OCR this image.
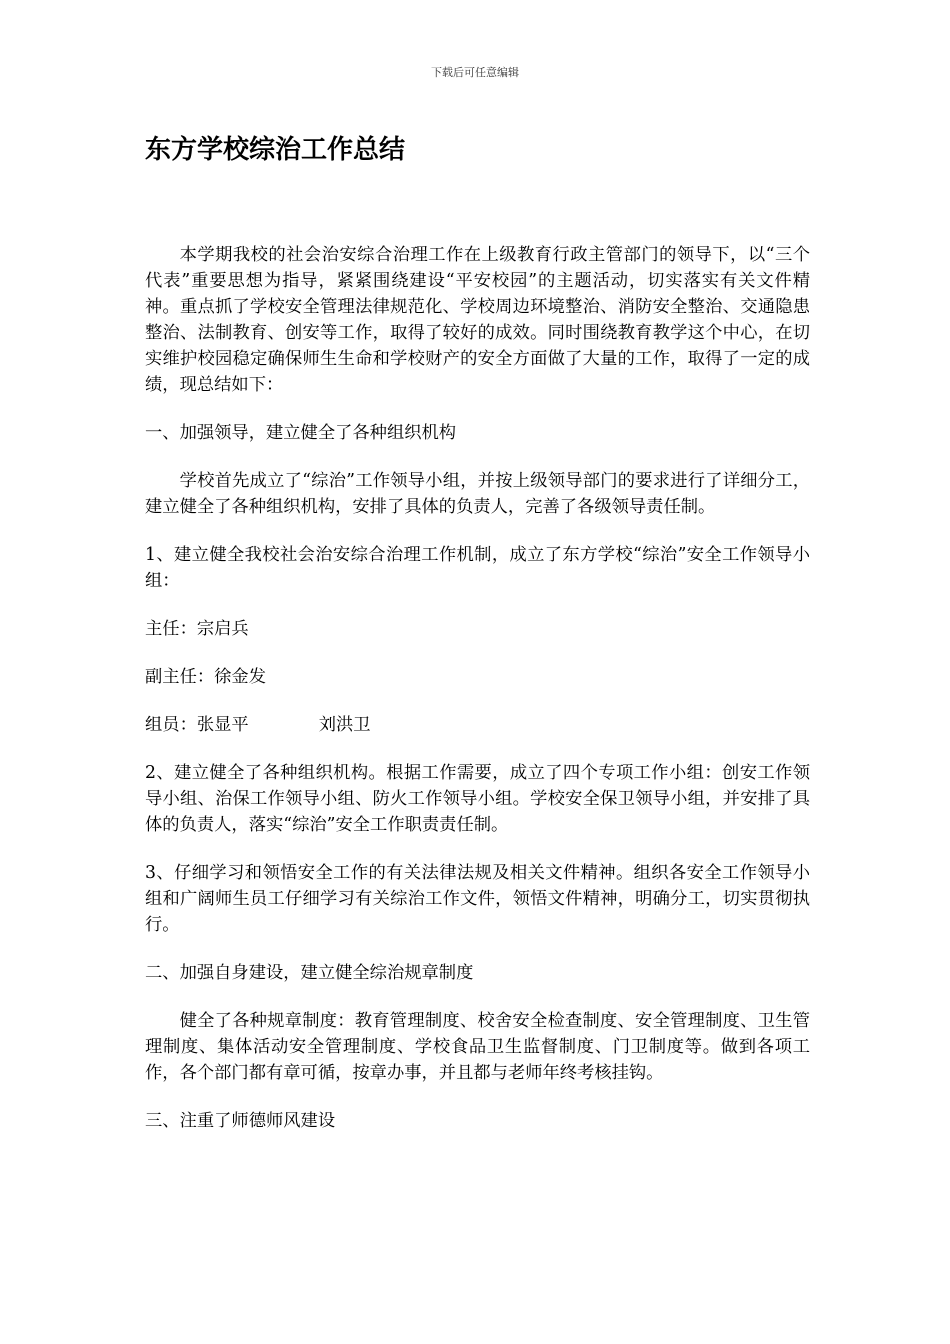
下载后可任意编辑
东方学校综治工作总结

本学期我校的社会治安综合治理工作在上级教育行政主管部门的领导下，以“三个代表”重要思想为指导，紧紧围绕建设“平安校园”的主题活动，切实落实有关文件精神。重点抓了学校安全管理法律规范化、学校周边环境整治、消防安全整治、交通隐患整治、法制教育、创安等工作，取得了较好的成效。同时围绕教育教学这个中心，在切实维护校园稳定确保师生生命和学校财产的安全方面做了大量的工作，取得了一定的成绩，现总结如下：

一、加强领导，建立健全了各种组织机构

学校首先成立了“综治”工作领导小组，并按上级领导部门的要求进行了详细分工，建立健全了各种组织机构，安排了具体的负责人，完善了各级领导责任制。

1、建立健全我校社会治安综合治理工作机制，成立了东方学校“综治”安全工作领导小组：

主任：宗启兵

副主任：徐金发

组员：张显平	刘洪卫

2、建立健全了各种组织机构。根据工作需要，成立了四个专项工作小组：创安工作领导小组、治保工作领导小组、防火工作领导小组。学校安全保卫领导小组，并安排了具体的负责人，落实“综治”安全工作职责责任制。

3、仔细学习和领悟安全工作的有关法律法规及相关文件精神。组织各安全工作领导小组和广阔师生员工仔细学习有关综治工作文件，领悟文件精神，明确分工，切实贯彻执行。

二、加强自身建设，建立健全综治规章制度

健全了各种规章制度：教育管理制度、校舍安全检查制度、安全管理制度、卫生管理制度、集体活动安全管理制度、学校食品卫生监督制度、门卫制度等。做到各项工作，各个部门都有章可循，按章办事，并且都与老师年终考核挂钩。

三、注重了师德师风建设
